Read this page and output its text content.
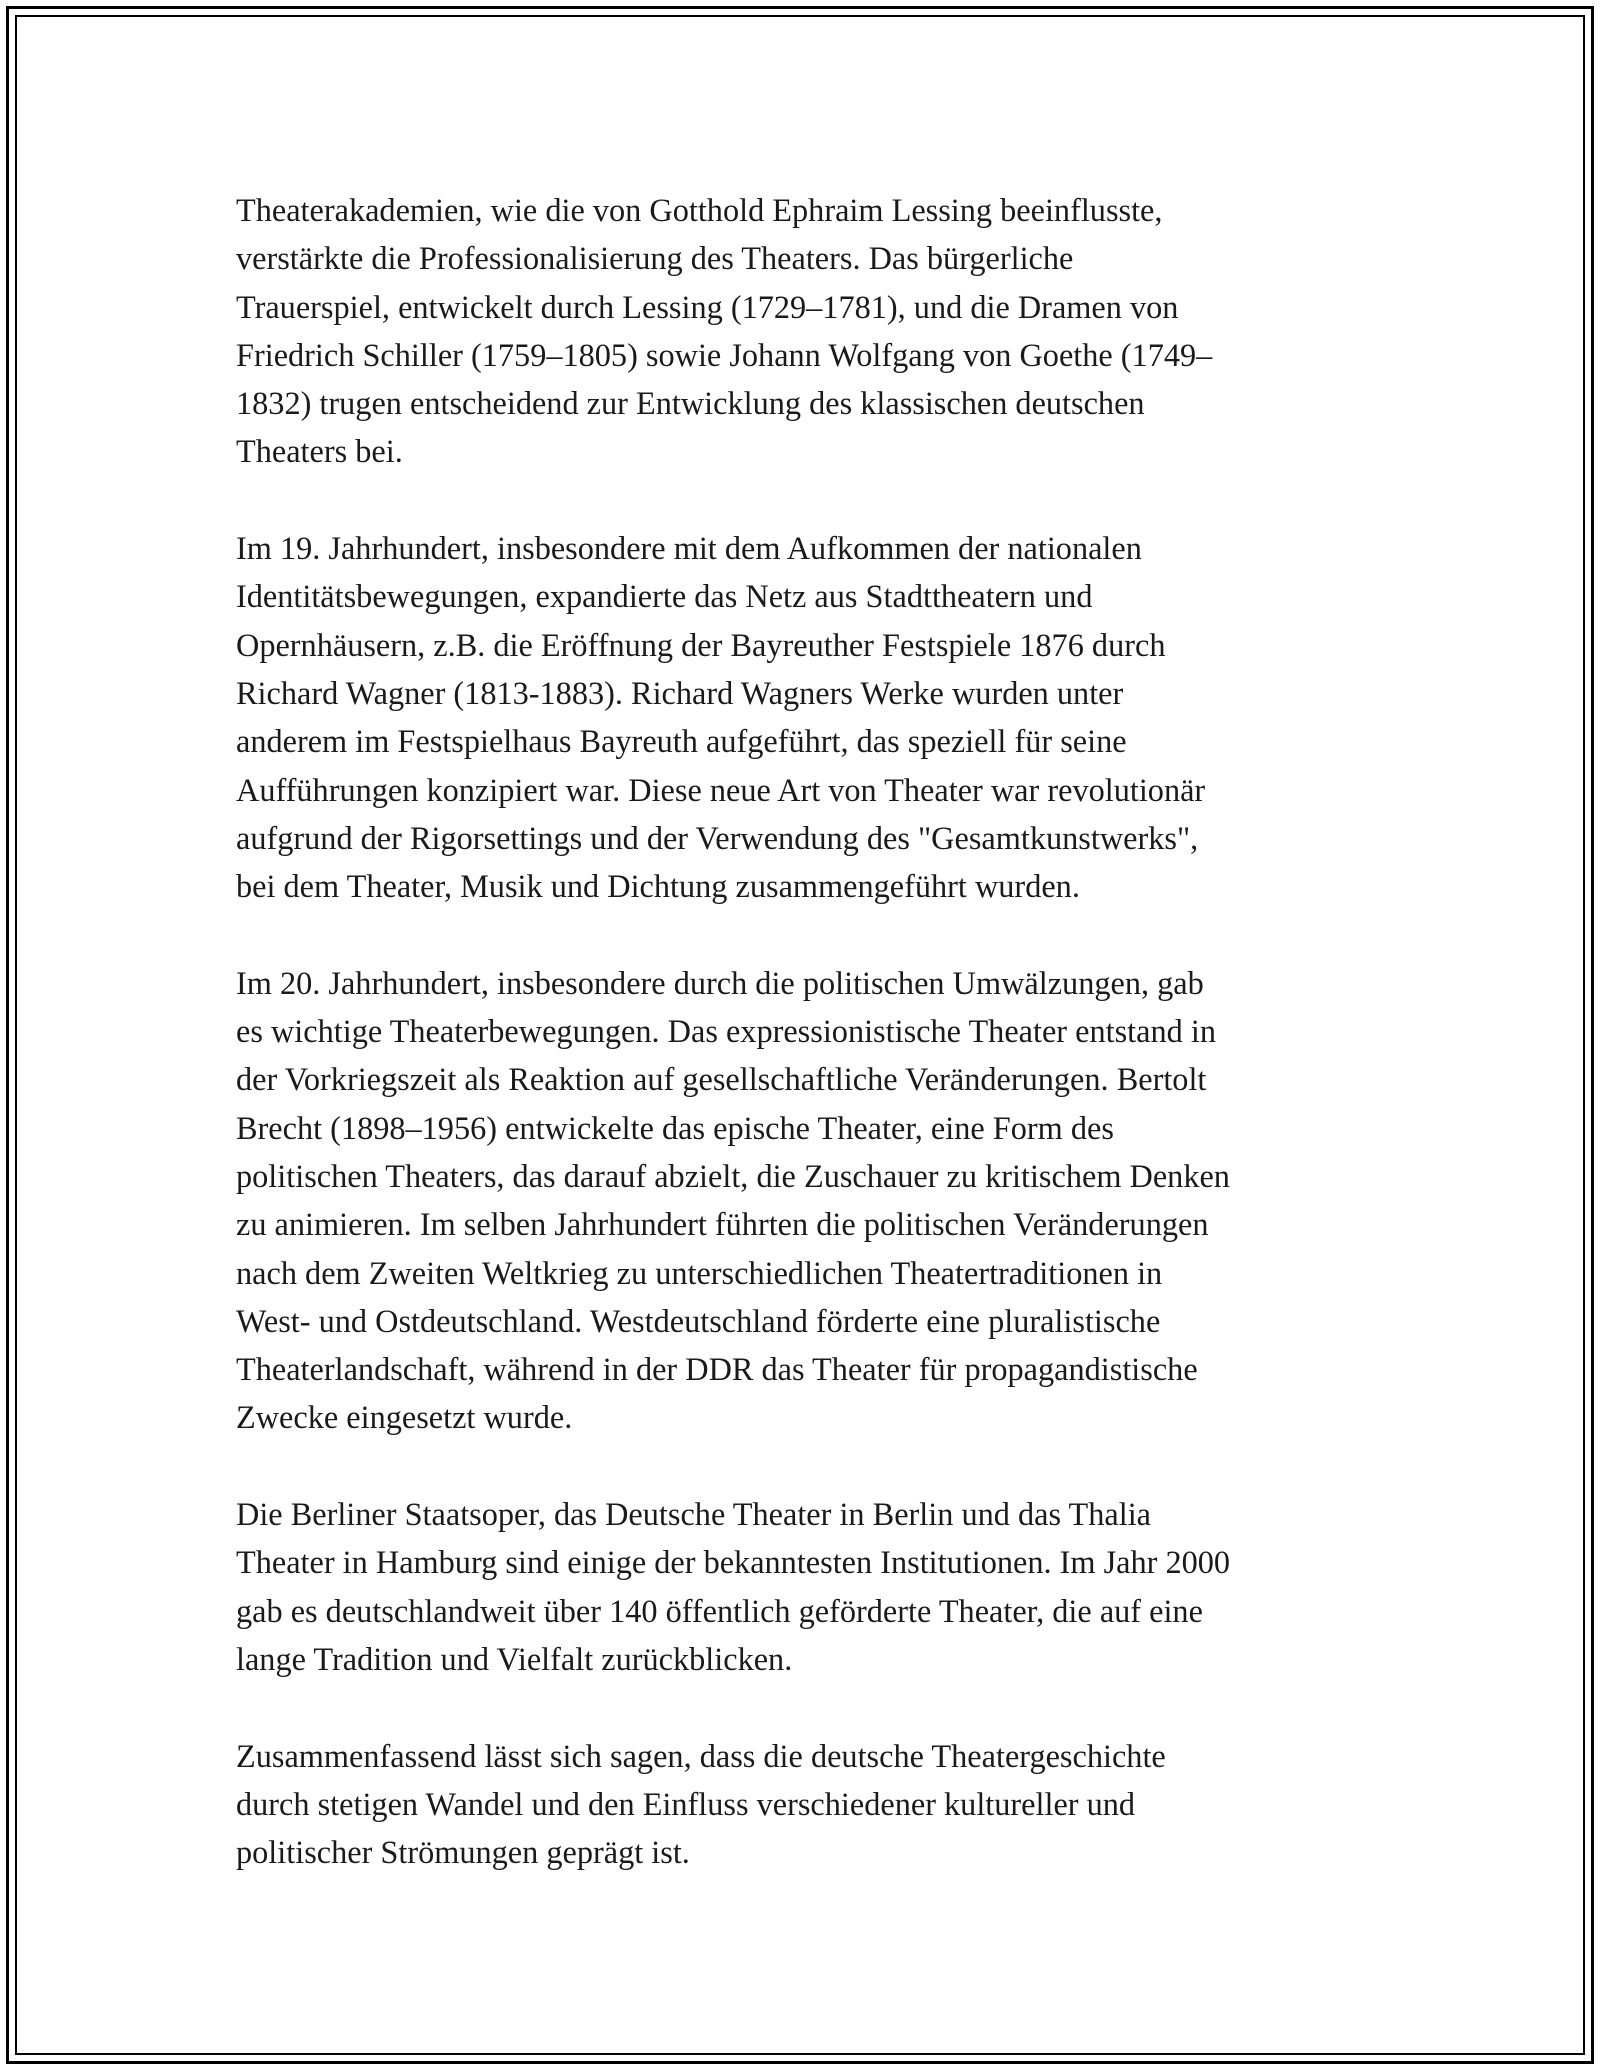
Theaterakademien, wie die von Gotthold Ephraim Lessing beeinflusste,
verstärkte die Professionalisierung des Theaters. Das bürgerliche
Trauerspiel, entwickelt durch Lessing (1729–1781), und die Dramen von
Friedrich Schiller (1759–1805) sowie Johann Wolfgang von Goethe (1749–
1832) trugen entscheidend zur Entwicklung des klassischen deutschen
Theaters bei.

Im 19. Jahrhundert, insbesondere mit dem Aufkommen der nationalen
Identitätsbewegungen, expandierte das Netz aus Stadttheatern und
Opernhäusern, z.B. die Eröffnung der Bayreuther Festspiele 1876 durch
Richard Wagner (1813-1883). Richard Wagners Werke wurden unter
anderem im Festspielhaus Bayreuth aufgeführt, das speziell für seine
Aufführungen konzipiert war. Diese neue Art von Theater war revolutionär
aufgrund der Rigorsettings und der Verwendung des "Gesamtkunstwerks",
bei dem Theater, Musik und Dichtung zusammengeführt wurden.

Im 20. Jahrhundert, insbesondere durch die politischen Umwälzungen, gab
es wichtige Theaterbewegungen. Das expressionistische Theater entstand in
der Vorkriegszeit als Reaktion auf gesellschaftliche Veränderungen. Bertolt
Brecht (1898–1956) entwickelte das epische Theater, eine Form des
politischen Theaters, das darauf abzielt, die Zuschauer zu kritischem Denken
zu animieren. Im selben Jahrhundert führten die politischen Veränderungen
nach dem Zweiten Weltkrieg zu unterschiedlichen Theatertraditionen in
West- und Ostdeutschland. Westdeutschland förderte eine pluralistische
Theaterlandschaft, während in der DDR das Theater für propagandistische
Zwecke eingesetzt wurde.

Die Berliner Staatsoper, das Deutsche Theater in Berlin und das Thalia
Theater in Hamburg sind einige der bekanntesten Institutionen. Im Jahr 2000
gab es deutschlandweit über 140 öffentlich geförderte Theater, die auf eine
lange Tradition und Vielfalt zurückblicken.

Zusammenfassend lässt sich sagen, dass die deutsche Theatergeschichte
durch stetigen Wandel und den Einfluss verschiedener kultureller und
politischer Strömungen geprägt ist.
